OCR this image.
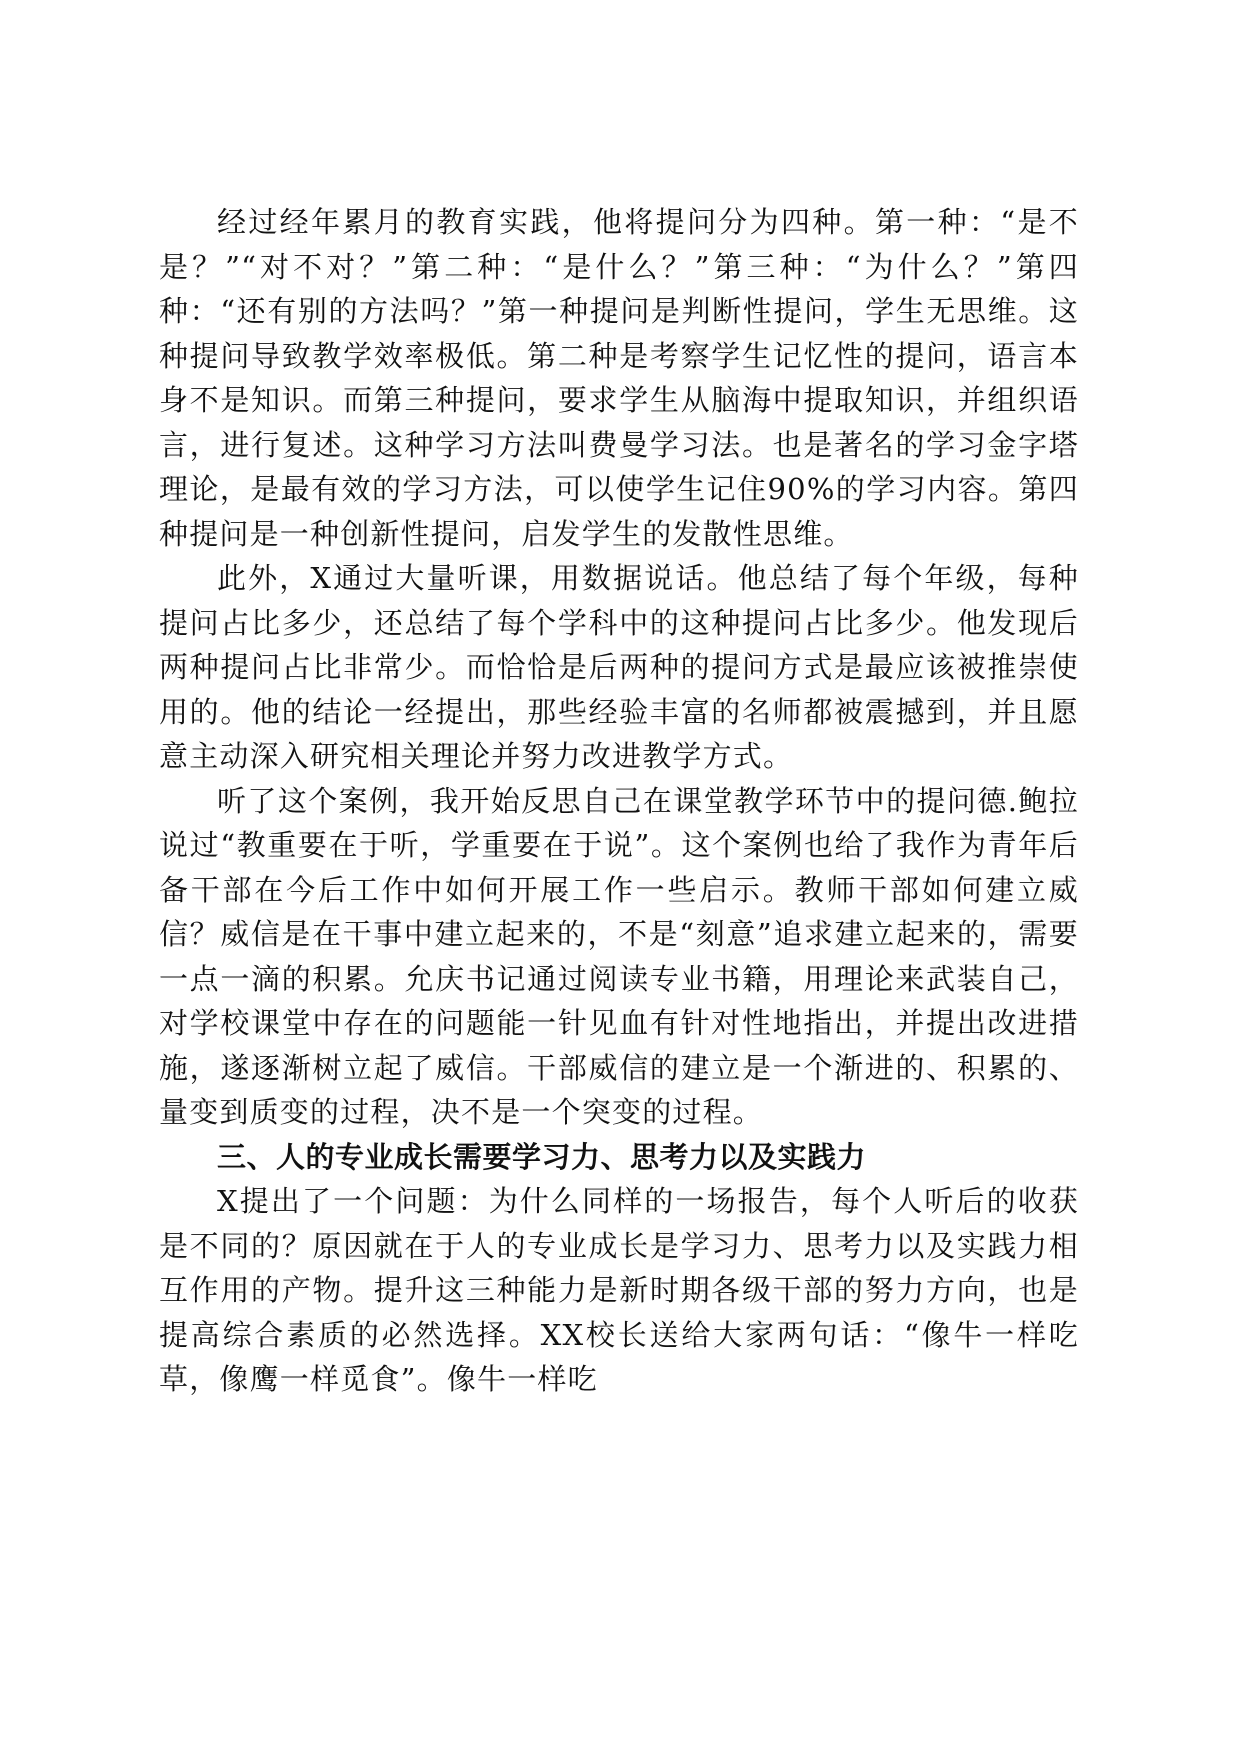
经过经年累月的教育实践，他将提问分为四种。第一种：“是不是？”“对不对？”第二种：“是什么？”第三种：“为什么？”第四种：“还有别的方法吗？”第一种提问是判断性提问，学生无思维。这种提问导致教学效率极低。第二种是考察学生记忆性的提问，语言本身不是知识。而第三种提问，要求学生从脑海中提取知识，并组织语言，进行复述。这种学习方法叫费曼学习法。也是著名的学习金字塔理论，是最有效的学习方法，可以使学生记住90%的学习内容。第四种提问是一种创新性提问，启发学生的发散性思维。

此外，X通过大量听课，用数据说话。他总结了每个年级，每种提问占比多少，还总结了每个学科中的这种提问占比多少。他发现后两种提问占比非常少。而恰恰是后两种的提问方式是最应该被推崇使用的。他的结论一经提出，那些经验丰富的名师都被震撼到，并且愿意主动深入研究相关理论并努力改进教学方式。

听了这个案例，我开始反思自己在课堂教学环节中的提问德.鲍拉说过“教重要在于听，学重要在于说”。这个案例也给了我作为青年后备干部在今后工作中如何开展工作一些启示。教师干部如何建立威信？威信是在干事中建立起来的，不是“刻意”追求建立起来的，需要一点一滴的积累。允庆书记通过阅读专业书籍，用理论来武装自己，对学校课堂中存在的问题能一针见血有针对性地指出，并提出改进措施，遂逐渐树立起了威信。干部威信的建立是一个渐进的、积累的、量变到质变的过程，决不是一个突变的过程。

三、人的专业成长需要学习力、思考力以及实践力

X提出了一个问题：为什么同样的一场报告，每个人听后的收获是不同的？原因就在于人的专业成长是学习力、思考力以及实践力相互作用的产物。提升这三种能力是新时期各级干部的努力方向，也是提高综合素质的必然选择。XX校长送给大家两句话：“像牛一样吃草，像鹰一样觅食”。像牛一样吃
